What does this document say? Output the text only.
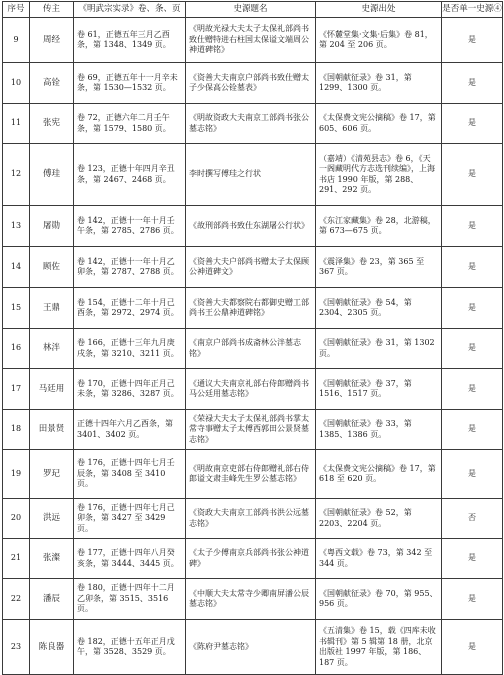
序号	传主	《明武宗实录》卷、条、页	史源题名	史源出处	是否单一史源④
9	周经	卷 61，正德五年三月乙酉条，第 1348、1349 页。	《明故光禄大夫太子太保礼部尚书致仕赠特进右柱国太保谥文端周公神道碑铭》	《怀麓堂集·文集·后集》卷 81，第 204 至 206 页。	是
10	高铨	卷 69，正德五年十一月辛未条，第 1530—1532 页。	《资善大夫南京户部尚书致仕赠太子少保高公铨墓表》	《国朝献征录》卷 31，第 1299、1300 页。	是
11	张宪	卷 72，正德六年二月壬午条，第 1579、1580 页。	《明故资政大夫南京工部尚书张公墓志铭》	《太保费文宪公摘稿》卷 17，第 605、606 页。	是
12	傅珪	卷 123，正德十年四月辛丑条，第 2467、2468 页。	李时撰写傅珪之行状	（嘉靖）《清苑县志》卷 6，《天一阁藏明代方志选刊续编》，上海书店 1990 年版，第 288、291、292 页。	是
13	屠勋	卷 142，正德十一年十月壬午条，第 2785、2786 页。	《故刑部尚书致仕东湖屠公行状》	《东江家藏集》卷 28，北游稿，第 673—675 页。	是
14	顾佐	卷 142，正德十一年十月乙卯条，第 2787、2788 页。	《资善大夫户部尚书赠太子太保顾公神道碑文》	《震泽集》卷 23，第 365 至 367 页。	是
15	王鼎	卷 154，正德十二年十月己酉条，第 2972、2974 页。	《资善大夫都察院右都御史赠工部尚书王公鼎神道碑铭》	《国朝献征录》卷 54，第 2304、2305 页。	是
16	林泮	卷 166，正德十三年九月庚戌条，第 3210、3211 页。	《南京户部尚书成斋林公泮墓志铭》	《国朝献征录》卷 31，第 1302 页。	是
17	马廷用	卷 170，正德十四年正月己未条，第 3286、3287 页。	《通议大夫南京礼部右侍郎赠尚书马公廷用墓志铭》	《国朝献征录》卷 37，第 1516、1517 页。	是
18	田景贤	正德十四年六月乙酉条，第 3401、3402 页。	《荣禄大夫太子太保礼部尚书掌太常寺事赠太子太傅西郭田公景贤墓志铭》	《国朝献征录》卷 33，第 1385、1386 页。	是
19	罗玘	卷 176，正德十四年七月壬辰条，第 3408 至 3410 页。	《明故南京吏部右侍郎赠礼部右侍郎谥文肃圭峰先生罗公墓志铭》	《太保费文宪公摘稿》卷 17，第 618 至 620 页。	是
20	洪远	卷 176，正德十四年七月己卯条，第 3427 至 3429 页。	《资政大夫南京工部尚书洪公远墓志铭》	《国朝献征录》卷 52，第 2203、2204 页。	否
21	张澯	卷 177，正德十四年八月癸亥条，第 3444、3445 页。	《太子少傅南京兵部尚书张公神道碑》	《粤西文载》卷 73，第 342 至 344 页。	是
22	潘辰	卷 180，正德十四年十二月乙卯条，第 3515、3516 页。	《中顺大夫太常寺少卿南屏潘公辰墓志铭》	《国朝献征录》卷 70，第 955、956 页。	是
23	陈良器	卷 182，正德十五年正月戊午，第 3528、3529 页。	《陈府尹墓志铭》	《五清集》卷 15，载《四库未收书辑刊》第 5 辑第 18 册，北京出版社 1997 年版，第 186、187 页。	是
